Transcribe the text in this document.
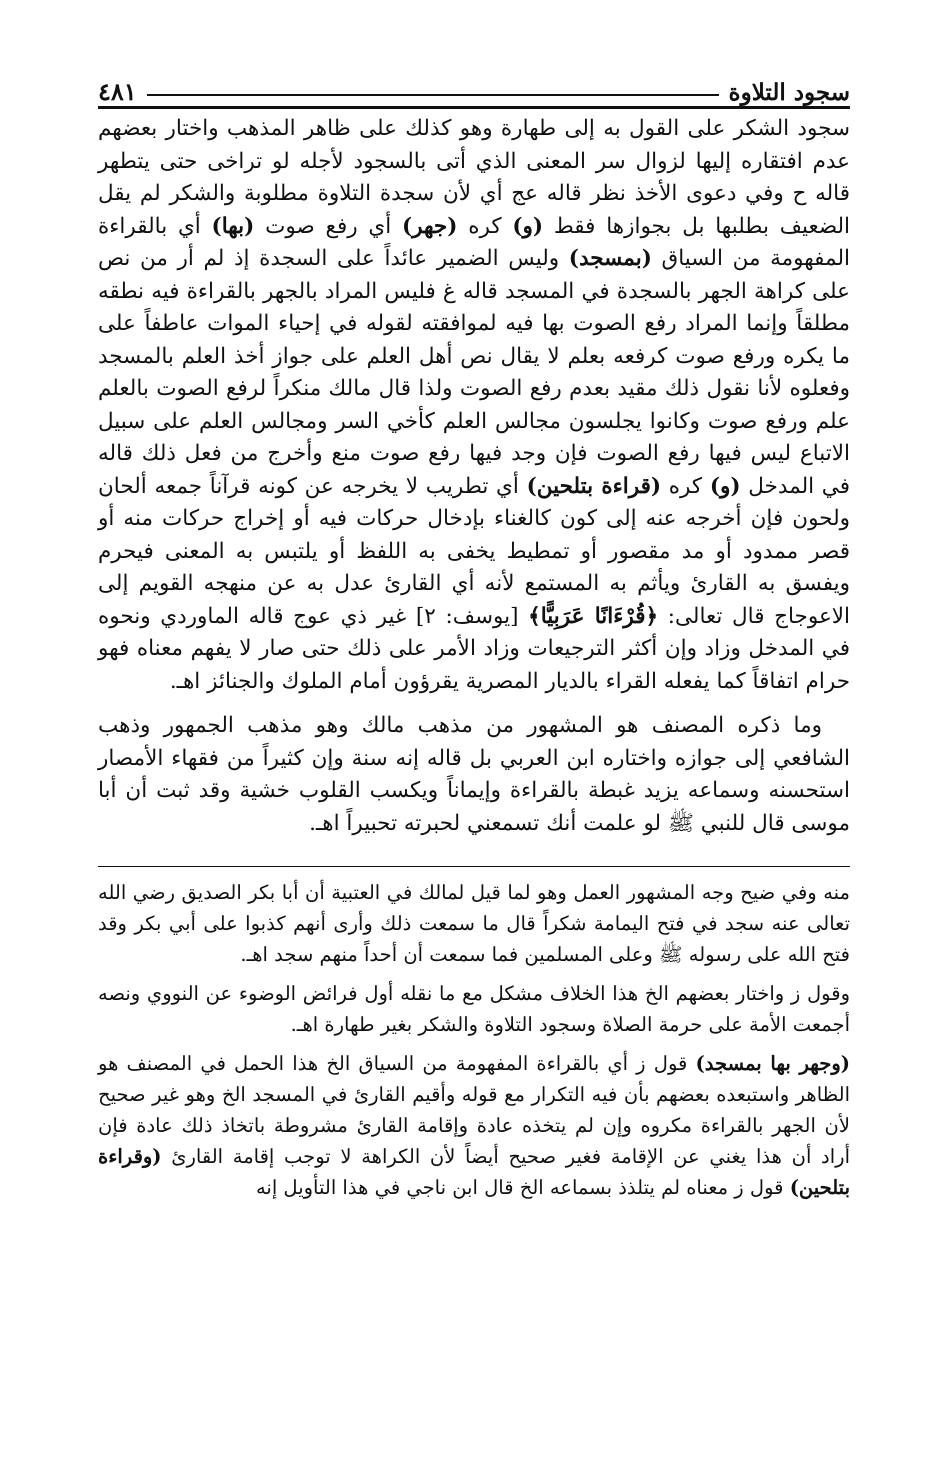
سجود التلاوة
٤٨١

سجود الشكر على القول به إلى طهارة وهو كذلك على ظاهر المذهب واختار بعضهم عدم افتقاره إليها لزوال سر المعنى الذي أتى بالسجود لأجله لو تراخى حتى يتطهر قاله ح وفي دعوى الأخذ نظر قاله عج أي لأن سجدة التلاوة مطلوبة والشكر لم يقل الضعيف بطلبها بل بجوازها فقط (و) كره (جهر) أي رفع صوت (بها) أي بالقراءة المفهومة من السياق (بمسجد) وليس الضمير عائداً على السجدة إذ لم أر من نص على كراهة الجهر بالسجدة في المسجد قاله غ فليس المراد بالجهر بالقراءة فيه نطقه مطلقاً وإنما المراد رفع الصوت بها فيه لموافقته لقوله في إحياء الموات عاطفاً على ما يكره ورفع صوت كرفعه بعلم لا يقال نص أهل العلم على جواز أخذ العلم بالمسجد وفعلوه لأنا نقول ذلك مقيد بعدم رفع الصوت ولذا قال مالك منكراً لرفع الصوت بالعلم علم ورفع صوت وكانوا يجلسون مجالس العلم كأخي السر ومجالس العلم على سبيل الاتباع ليس فيها رفع الصوت فإن وجد فيها رفع صوت منع وأخرج من فعل ذلك قاله في المدخل (و) كره (قراءة بتلحين) أي تطريب لا يخرجه عن كونه قرآناً جمعه ألحان ولحون فإن أخرجه عنه إلى كون كالغناء بإدخال حركات فيه أو إخراج حركات منه أو قصر ممدود أو مد مقصور أو تمطيط يخفى به اللفظ أو يلتبس به المعنى فيحرم ويفسق به القارئ ويأثم به المستمع لأنه أي القارئ عدل به عن منهجه القويم إلى الاعوجاج قال تعالى: ﴿قُرْءَانًا عَرَبِيًّا﴾ [يوسف: ٢] غير ذي عوج قاله الماوردي ونحوه في المدخل وزاد وإن أكثر الترجيعات وزاد الأمر على ذلك حتى صار لا يفهم معناه فهو حرام اتفاقاً كما يفعله القراء بالديار المصرية يقرؤون أمام الملوك والجنائز اهـ.

وما ذكره المصنف هو المشهور من مذهب مالك وهو مذهب الجمهور وذهب الشافعي إلى جوازه واختاره ابن العربي بل قاله إنه سنة وإن كثيراً من فقهاء الأمصار استحسنه وسماعه يزيد غبطة بالقراءة وإيماناً ويكسب القلوب خشية وقد ثبت أن أبا موسى قال للنبي ﷺ لو علمت أنك تسمعني لحبرته تحبيراً اهـ.

منه وفي ضيح وجه المشهور العمل وهو لما قيل لمالك في العتبية أن أبا بكر الصديق رضي الله تعالى عنه سجد في فتح اليمامة شكراً قال ما سمعت ذلك وأرى أنهم كذبوا على أبي بكر وقد فتح الله على رسوله ﷺ وعلى المسلمين فما سمعت أن أحداً منهم سجد اهـ.

وقول ز واختار بعضهم الخ هذا الخلاف مشكل مع ما نقله أول فرائض الوضوء عن النووي ونصه أجمعت الأمة على حرمة الصلاة وسجود التلاوة والشكر بغير طهارة اهـ.

(وجهر بها بمسجد) قول ز أي بالقراءة المفهومة من السياق الخ هذا الحمل في المصنف هو الظاهر واستبعده بعضهم بأن فيه التكرار مع قوله وأقيم القارئ في المسجد الخ وهو غير صحيح لأن الجهر بالقراءة مكروه وإن لم يتخذه عادة وإقامة القارئ مشروطة باتخاذ ذلك عادة فإن أراد أن هذا يغني عن الإقامة فغير صحيح أيضاً لأن الكراهة لا توجب إقامة القارئ (وقراءة بتلحين) قول ز معناه لم يتلذذ بسماعه الخ قال ابن ناجي في هذا التأويل إنه
